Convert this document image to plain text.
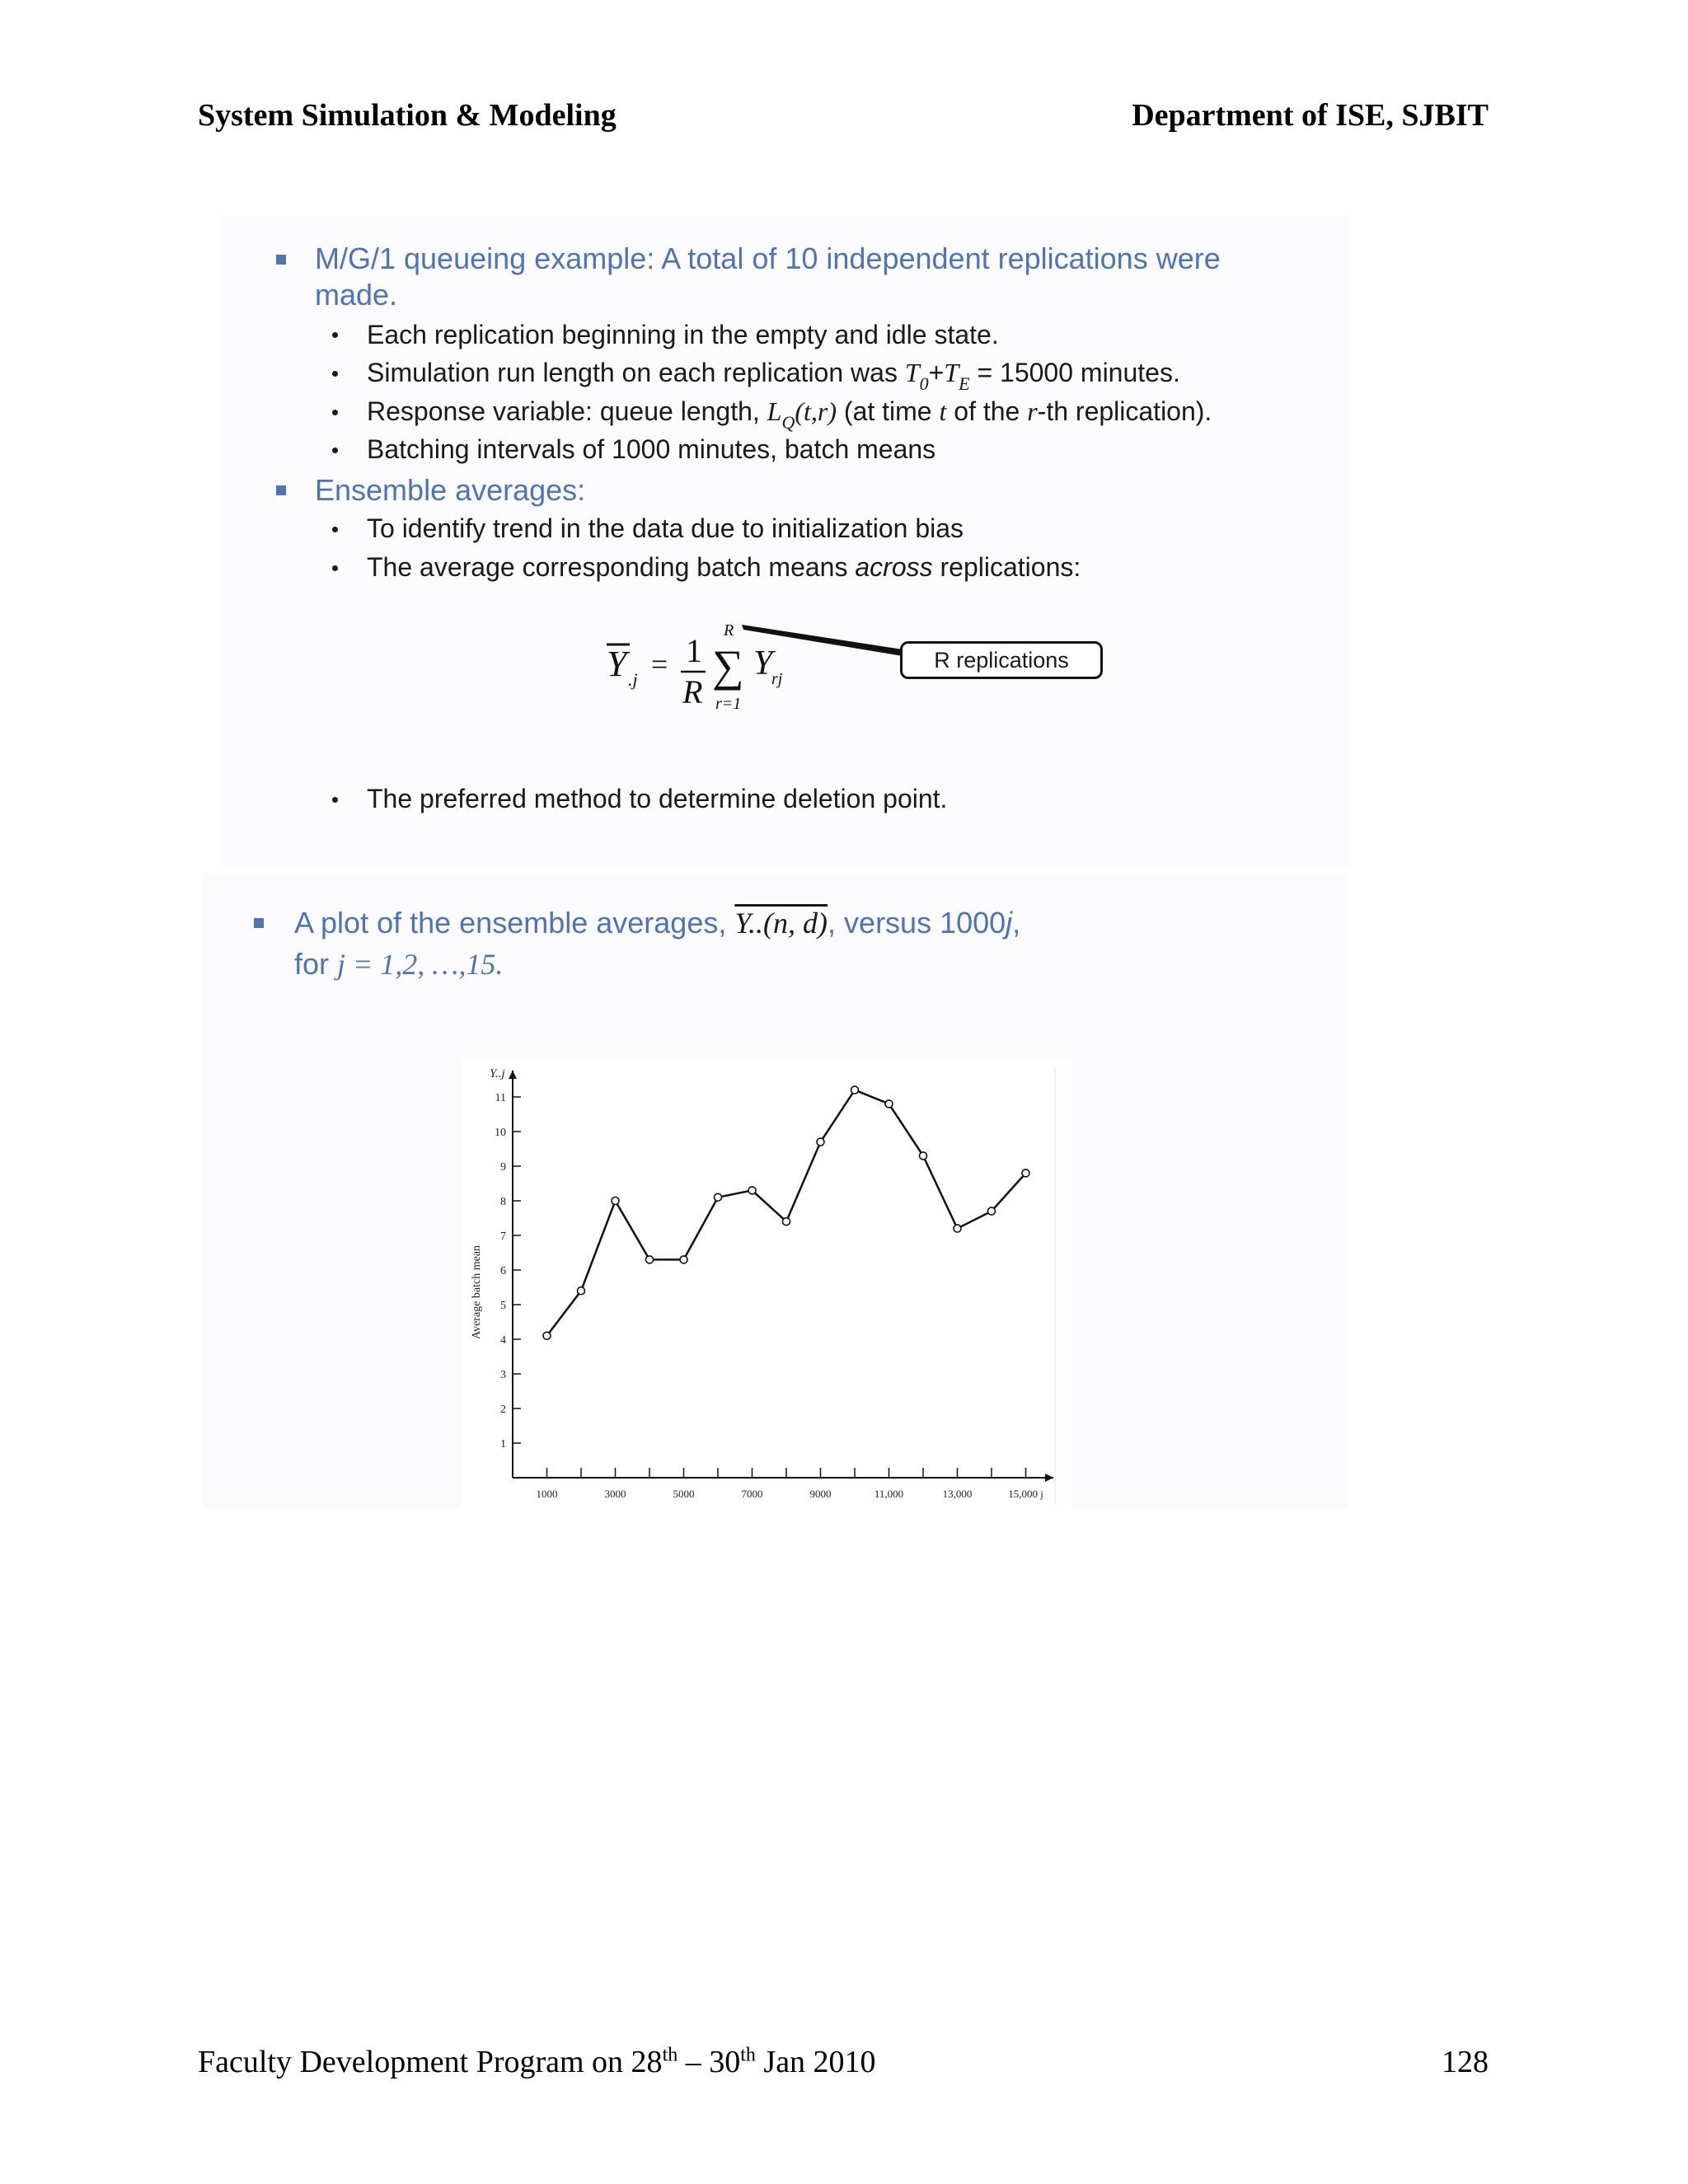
System Simulation & Modeling	Department of ISE, SJBIT
M/G/1 queueing example: A total of 10 independent replications were
made.
Each replication beginning in the empty and idle state.
Simulation run length on each replication was $T_0+T_E = 15000$ minutes.
Response variable: queue length, $L_Q(t,r)$ (at time t of the r-th replication).
Batching intervals of 1000 minutes, batch means
Ensemble averages:
To identify trend in the data due to initialization bias
The average corresponding batch means across replications:
Y .j = 1
R
R
∑
r=1
Y
rj
R replications
The preferred method to determine deletion point.
A plot of the ensemble averages, Y..(n, d), versus 1000j,
for j = 1,2, …,15.
1
2
3
4
5
6
7
8
9
10
11
1000	3000	5000	7000	9000	11,000	13,000	15,000 j
Average batch mean
Y..j
Faculty Development Program on 28th – 30th Jan 2010	128
